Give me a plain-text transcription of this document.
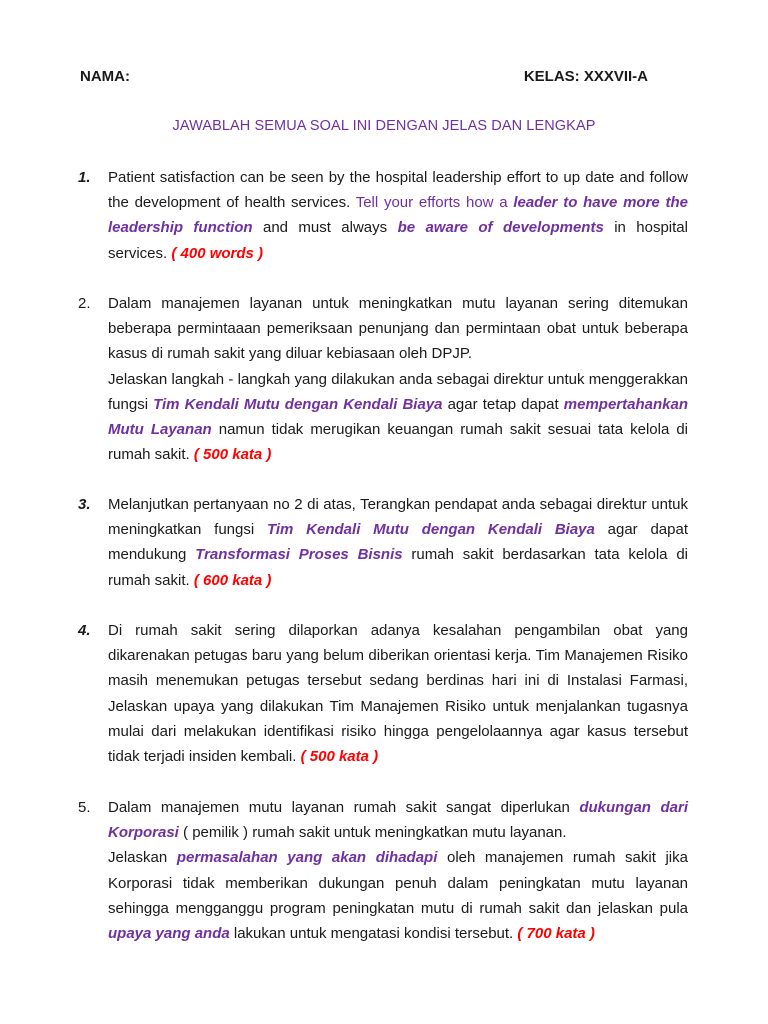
NAMA:	KELAS: XXXVII-A
JAWABLAH SEMUA SOAL INI DENGAN JELAS DAN LENGKAP
1.	Patient satisfaction can be seen by the hospital leadership effort to up date and follow the development of health services. Tell your efforts how a leader to have more the leadership function and must always be aware of developments in hospital services. ( 400 words )

2.	Dalam manajemen layanan untuk meningkatkan mutu layanan sering ditemukan beberapa permintaaan pemeriksaan penunjang dan permintaan obat untuk beberapa kasus di rumah sakit yang diluar kebiasaan oleh DPJP.

Jelaskan langkah - langkah yang dilakukan anda sebagai direktur untuk menggerakkan fungsi Tim Kendali Mutu dengan Kendali Biaya agar tetap dapat mempertahankan Mutu Layanan namun tidak merugikan keuangan rumah sakit sesuai tata kelola di rumah sakit. ( 500 kata )

3.	Melanjutkan pertanyaan no 2 di atas, Terangkan pendapat anda sebagai direktur untuk meningkatkan fungsi Tim Kendali Mutu dengan Kendali Biaya agar dapat mendukung Transformasi Proses Bisnis rumah sakit berdasarkan tata kelola di rumah sakit. ( 600 kata )

4.	Di rumah sakit sering dilaporkan adanya kesalahan pengambilan obat yang dikarenakan petugas baru yang belum diberikan orientasi kerja. Tim Manajemen Risiko masih menemukan petugas tersebut sedang berdinas hari ini di Instalasi Farmasi, Jelaskan upaya yang dilakukan Tim Manajemen Risiko untuk menjalankan tugasnya mulai dari melakukan identifikasi risiko hingga pengelolaannya agar kasus tersebut tidak terjadi insiden kembali. ( 500 kata )

5.	Dalam manajemen mutu layanan rumah sakit sangat diperlukan dukungan dari Korporasi ( pemilik ) rumah sakit untuk meningkatkan mutu layanan.

Jelaskan permasalahan yang akan dihadapi oleh manajemen rumah sakit jika Korporasi tidak memberikan dukungan penuh dalam peningkatan mutu layanan sehingga mengganggu program peningkatan mutu di rumah sakit dan jelaskan pula upaya yang anda lakukan untuk mengatasi kondisi tersebut. ( 700 kata )
